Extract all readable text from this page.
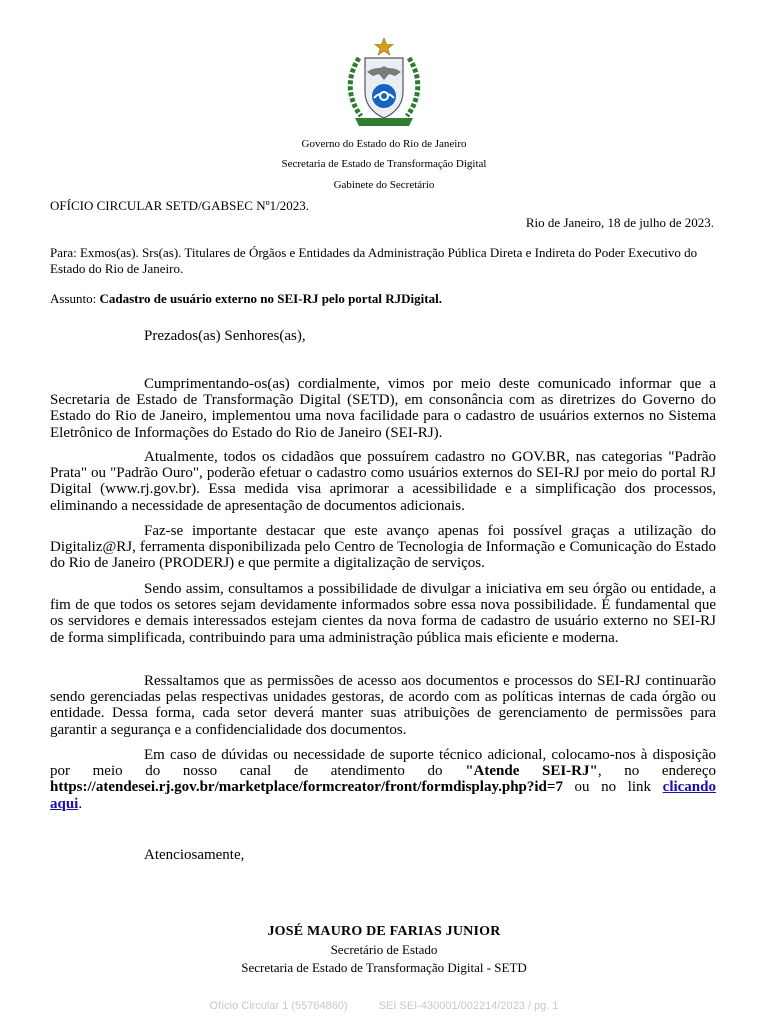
Governo do Estado do Rio de Janeiro
Secretaria de Estado de Transformação Digital
Gabinete do Secretário
OFÍCIO CIRCULAR SETD/GABSEC Nº1/2023.
Rio de Janeiro, 18 de julho de 2023.
Para: Exmos(as). Srs(as). Titulares de Órgãos e Entidades da Administração Pública Direta e Indireta do Poder Executivo do Estado do Rio de Janeiro.
Assunto: Cadastro de usuário externo no SEI-RJ pelo portal RJDigital.
Prezados(as) Senhores(as),

Cumprimentando-os(as) cordialmente, vimos por meio deste comunicado informar que a Secretaria de Estado de Transformação Digital (SETD), em consonância com as diretrizes do Governo do Estado do Rio de Janeiro, implementou uma nova facilidade para o cadastro de usuários externos no Sistema Eletrônico de Informações do Estado do Rio de Janeiro (SEI-RJ).

Atualmente, todos os cidadãos que possuírem cadastro no GOV.BR, nas categorias "Padrão Prata" ou "Padrão Ouro", poderão efetuar o cadastro como usuários externos do SEI-RJ por meio do portal RJ Digital (www.rj.gov.br). Essa medida visa aprimorar a acessibilidade e a simplificação dos processos, eliminando a necessidade de apresentação de documentos adicionais.

Faz-se importante destacar que este avanço apenas foi possível graças a utilização do Digitaliz@RJ, ferramenta disponibilizada pelo Centro de Tecnologia de Informação e Comunicação do Estado do Rio de Janeiro (PRODERJ) e que permite a digitalização de serviços.

Sendo assim, consultamos a possibilidade de divulgar a iniciativa em seu órgão ou entidade, a fim de que todos os setores sejam devidamente informados sobre essa nova possibilidade. É fundamental que os servidores e demais interessados estejam cientes da nova forma de cadastro de usuário externo no SEI-RJ de forma simplificada, contribuindo para uma administração pública mais eficiente e moderna.

Ressaltamos que as permissões de acesso aos documentos e processos do SEI-RJ continuarão sendo gerenciadas pelas respectivas unidades gestoras, de acordo com as políticas internas de cada órgão ou entidade. Dessa forma, cada setor deverá manter suas atribuições de gerenciamento de permissões para garantir a segurança e a confidencialidade dos documentos.

Em caso de dúvidas ou necessidade de suporte técnico adicional, colocamo-nos à disposição por meio do nosso canal de atendimento do "Atende SEI-RJ", no endereço https://atendesei.rj.gov.br/marketplace/formcreator/front/formdisplay.php?id=7 ou no link clicando aqui.

Atenciosamente,
JOSÉ MAURO DE FARIAS JUNIOR
Secretário de Estado
Secretaria de Estado de Transformação Digital - SETD
Ofício Circular 1 (55764860)	SEI SEI-430001/002214/2023 / pg. 1
